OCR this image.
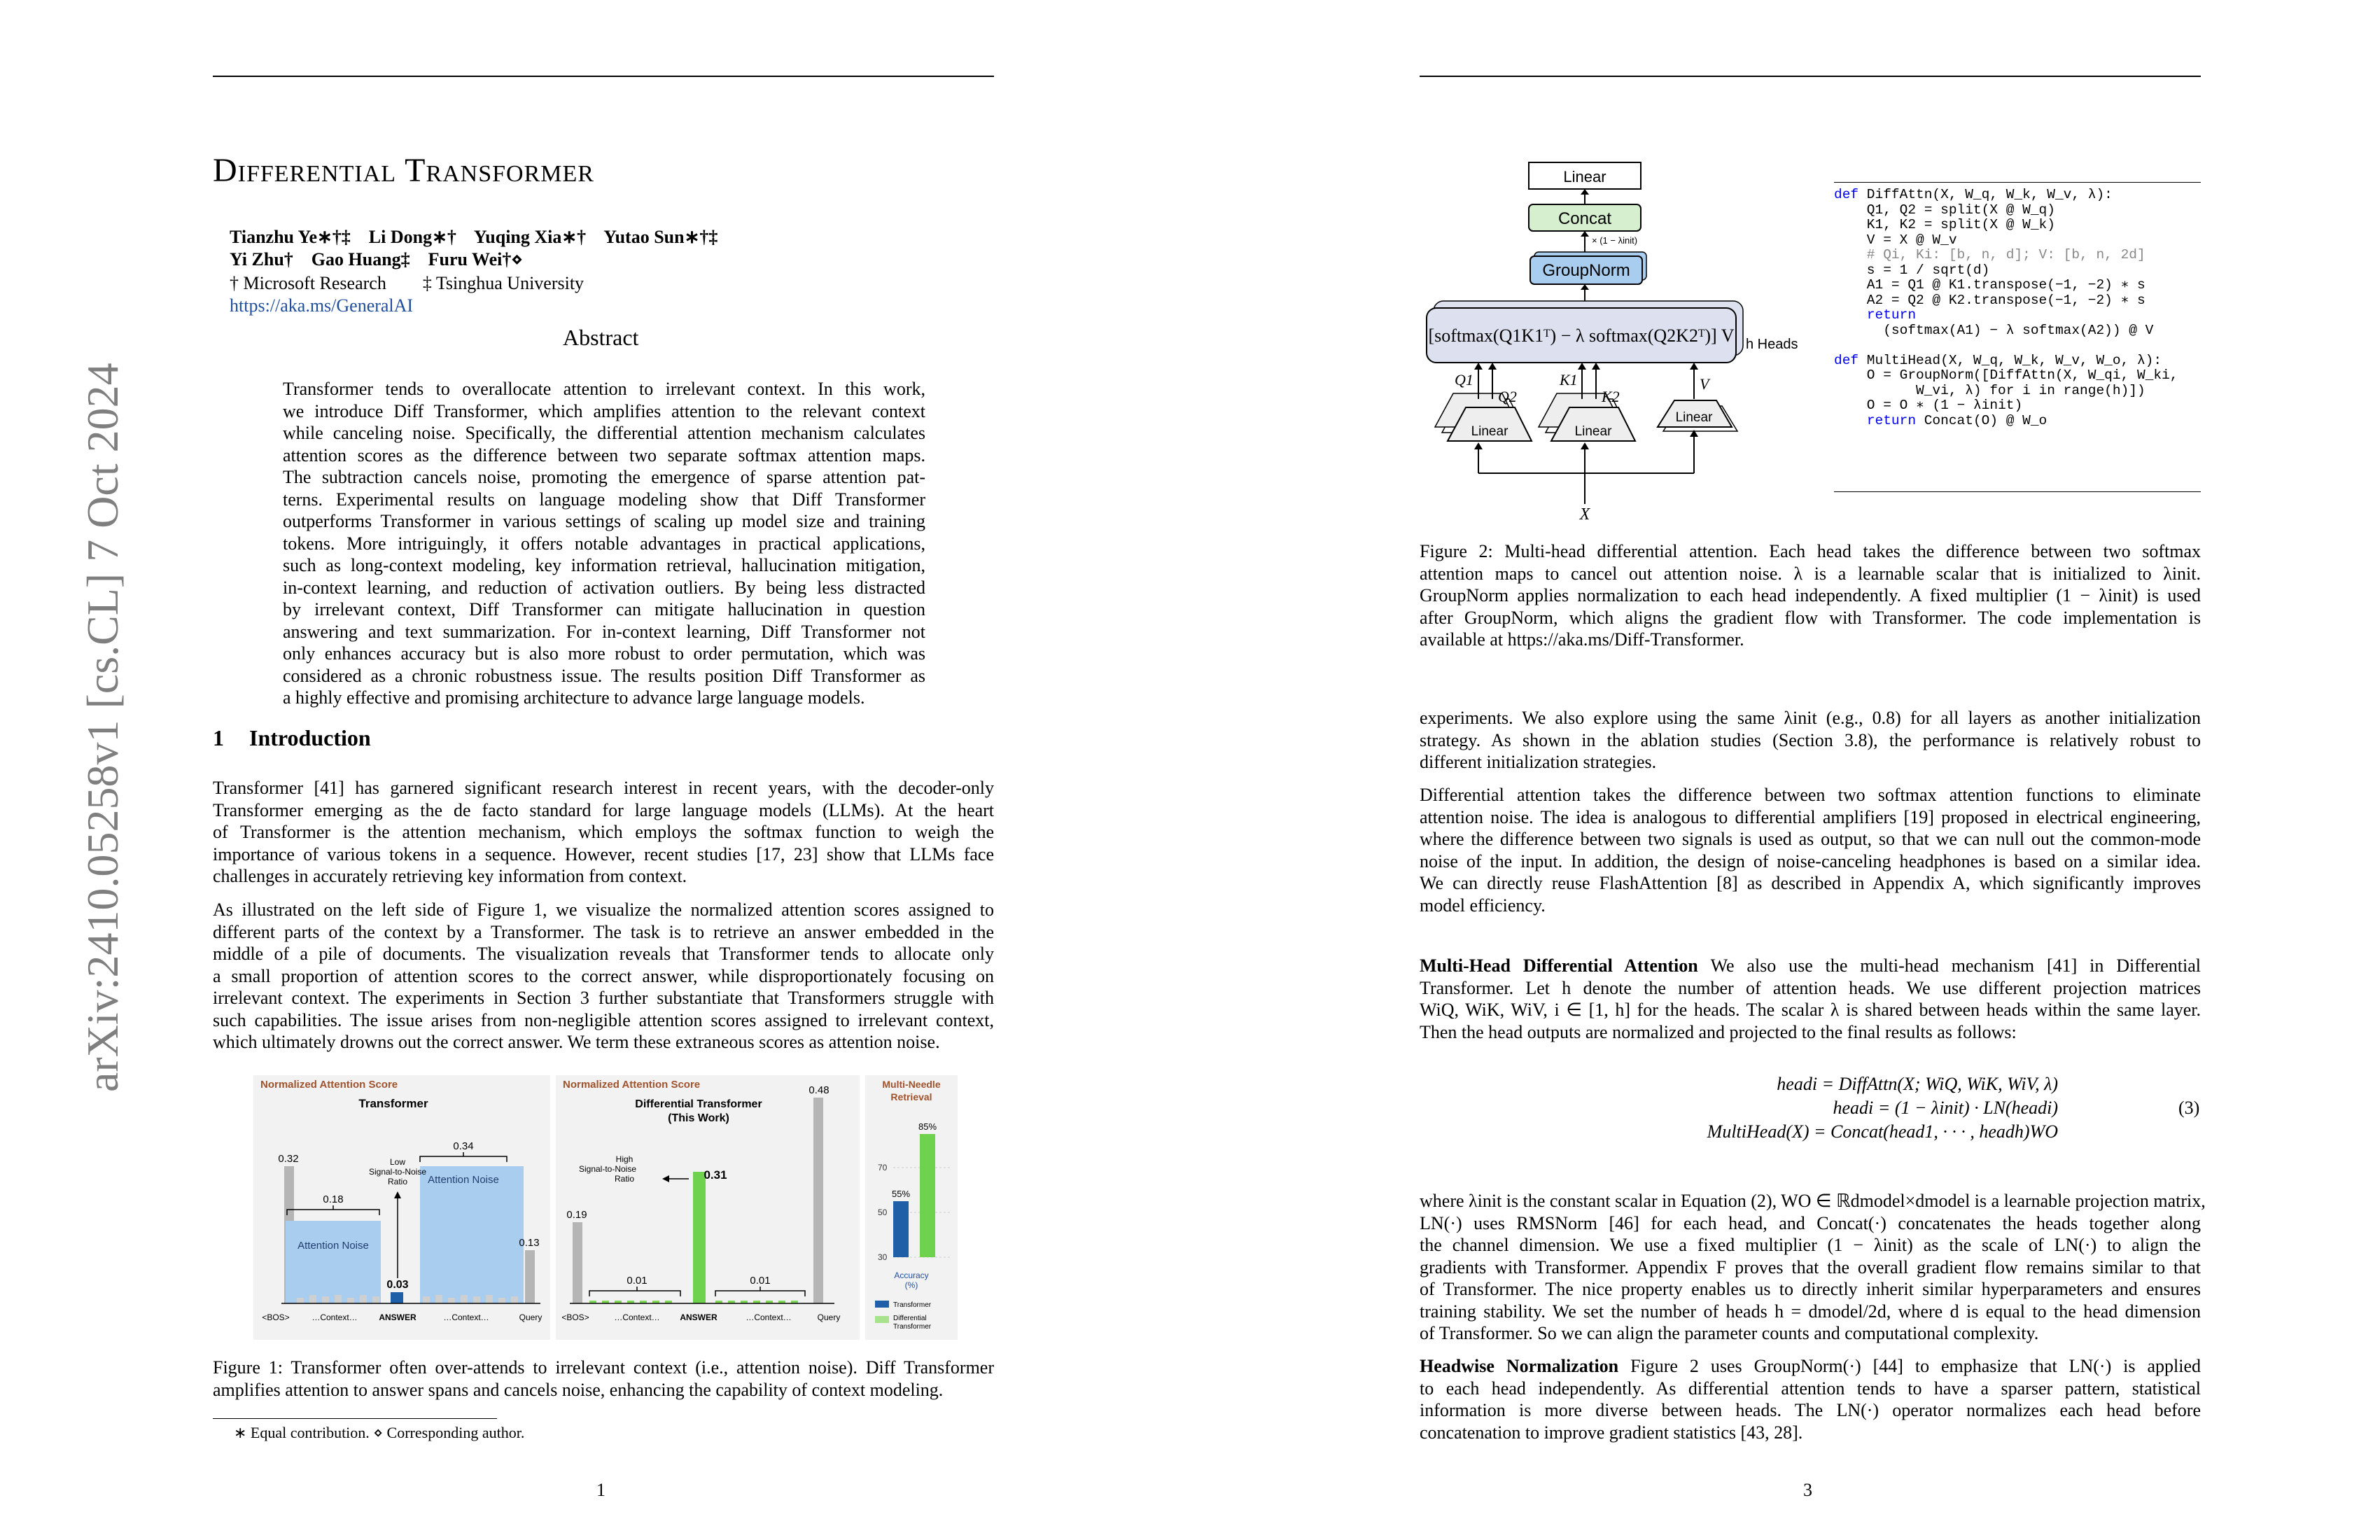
arXiv:2410.05258v1 [cs.CL] 7 Oct 2024
Differential Transformer
Tianzhu Ye∗†‡    Li Dong∗†    Yuqing Xia∗†    Yutao Sun∗†‡
Yi Zhu†    Gao Huang‡    Furu Wei†⋄
† Microsoft Research        ‡ Tsinghua University
https://aka.ms/GeneralAI
Abstract
Transformer tends to overallocate attention to irrelevant context. In this work,
we introduce Diff Transformer, which amplifies attention to the relevant context
while canceling noise. Specifically, the differential attention mechanism calculates
attention scores as the difference between two separate softmax attention maps.
The subtraction cancels noise, promoting the emergence of sparse attention pat-
terns. Experimental results on language modeling show that Diff Transformer
outperforms Transformer in various settings of scaling up model size and training
tokens. More intriguingly, it offers notable advantages in practical applications,
such as long-context modeling, key information retrieval, hallucination mitigation,
in-context learning, and reduction of activation outliers. By being less distracted
by irrelevant context, Diff Transformer can mitigate hallucination in question
answering and text summarization. For in-context learning, Diff Transformer not
only enhances accuracy but is also more robust to order permutation, which was
considered as a chronic robustness issue. The results position Diff Transformer as
a highly effective and promising architecture to advance large language models.
1 Introduction
Transformer [41] has garnered significant research interest in recent years, with the decoder-only
Transformer emerging as the de facto standard for large language models (LLMs). At the heart
of Transformer is the attention mechanism, which employs the softmax function to weigh the
importance of various tokens in a sequence. However, recent studies [17, 23] show that LLMs face
challenges in accurately retrieving key information from context.
As illustrated on the left side of Figure 1, we visualize the normalized attention scores assigned to
different parts of the context by a Transformer. The task is to retrieve an answer embedded in the
middle of a pile of documents. The visualization reveals that Transformer tends to allocate only
a small proportion of attention scores to the correct answer, while disproportionately focusing on
irrelevant context. The experiments in Section 3 further substantiate that Transformers struggle with
such capabilities. The issue arises from non-negligible attention scores assigned to irrelevant context,
which ultimately drowns out the correct answer. We term these extraneous scores as attention noise.
Normalized Attention Score
Transformer
Attention Noise
Attention Noise
0.32
0.18
0.03
0.34
0.13
Low Signal-to-Noise Ratio
<BOS>	…Context…	ANSWER	…Context…	Query
Normalized Attention Score
Differential Transformer (This Work)
0.19
0.01
0.31
0.01
0.48
High Signal-to-Noise Ratio
<BOS>	…Context… ANSWER	…Context…	Query
Multi-Needle Retrieval
70
50
30
55%
85%
Accuracy (%)
Transformer
Differential Transformer
Figure 1: Transformer often over-attends to irrelevant context (i.e., attention noise). Diff Transformer
amplifies attention to answer spans and cancels noise, enhancing the capability of context modeling.
∗ Equal contribution. ⋄ Corresponding author.
1
Linear
Concat
× (1 − λinit)
GroupNorm
[softmax(Q1K1ᵀ) − λ softmax(Q2K2ᵀ)] V h Heads
Linear	Linear
Linear
Q1
Q2
K1
K2
V
X
def DiffAttn(X, W_q, W_k, W_v, λ):
Q1, Q2 = split(X @ W_q)
K1, K2 = split(X @ W_k)
V = X @ W_v
# Qi, Ki: [b, n, d]; V: [b, n, 2d]
s = 1 / sqrt(d)
A1 = Q1 @ K1.transpose(−1, −2) ∗ s
A2 = Q2 @ K2.transpose(−1, −2) ∗ s
return
(softmax(A1) − λ softmax(A2)) @ V

def MultiHead(X, W_q, W_k, W_v, W_o, λ):
O = GroupNorm([DiffAttn(X, W_qi, W_ki,
W_vi, λ) for i in range(h)])
O = O ∗ (1 − λinit)
return Concat(O) @ W_o
Figure 2: Multi-head differential attention. Each head takes the difference between two softmax
attention maps to cancel out attention noise. λ is a learnable scalar that is initialized to λinit.
GroupNorm applies normalization to each head independently. A fixed multiplier (1 − λinit) is used
after GroupNorm, which aligns the gradient flow with Transformer. The code implementation is
available at https://aka.ms/Diff-Transformer.
experiments. We also explore using the same λinit (e.g., 0.8) for all layers as another initialization
strategy. As shown in the ablation studies (Section 3.8), the performance is relatively robust to
different initialization strategies.
Differential attention takes the difference between two softmax attention functions to eliminate
attention noise. The idea is analogous to differential amplifiers [19] proposed in electrical engineering,
where the difference between two signals is used as output, so that we can null out the common-mode
noise of the input. In addition, the design of noise-canceling headphones is based on a similar idea.
We can directly reuse FlashAttention [8] as described in Appendix A, which significantly improves
model efficiency.
Multi-Head Differential Attention We also use the multi-head mechanism [41] in Differential
Transformer. Let h denote the number of attention heads. We use different projection matrices
WiQ, WiK, WiV, i ∈ [1, h] for the heads. The scalar λ is shared between heads within the same layer.
Then the head outputs are normalized and projected to the final results as follows:
headi = DiffAttn(X; WiQ, WiK, WiV, λ)
headi = (1 − λinit) · LN(headi)
MultiHead(X) = Concat(head1, · · · , headh)WO
(3)
where λinit is the constant scalar in Equation (2), WO ∈ ℝdmodel×dmodel is a learnable projection matrix,
LN(·) uses RMSNorm [46] for each head, and Concat(·) concatenates the heads together along
the channel dimension. We use a fixed multiplier (1 − λinit) as the scale of LN(·) to align the
gradients with Transformer. Appendix F proves that the overall gradient flow remains similar to that
of Transformer. The nice property enables us to directly inherit similar hyperparameters and ensures
training stability. We set the number of heads h = dmodel/2d, where d is equal to the head dimension
of Transformer. So we can align the parameter counts and computational complexity.
Headwise Normalization Figure 2 uses GroupNorm(·) [44] to emphasize that LN(·) is applied
to each head independently. As differential attention tends to have a sparser pattern, statistical
information is more diverse between heads. The LN(·) operator normalizes each head before
concatenation to improve gradient statistics [43, 28].
3
